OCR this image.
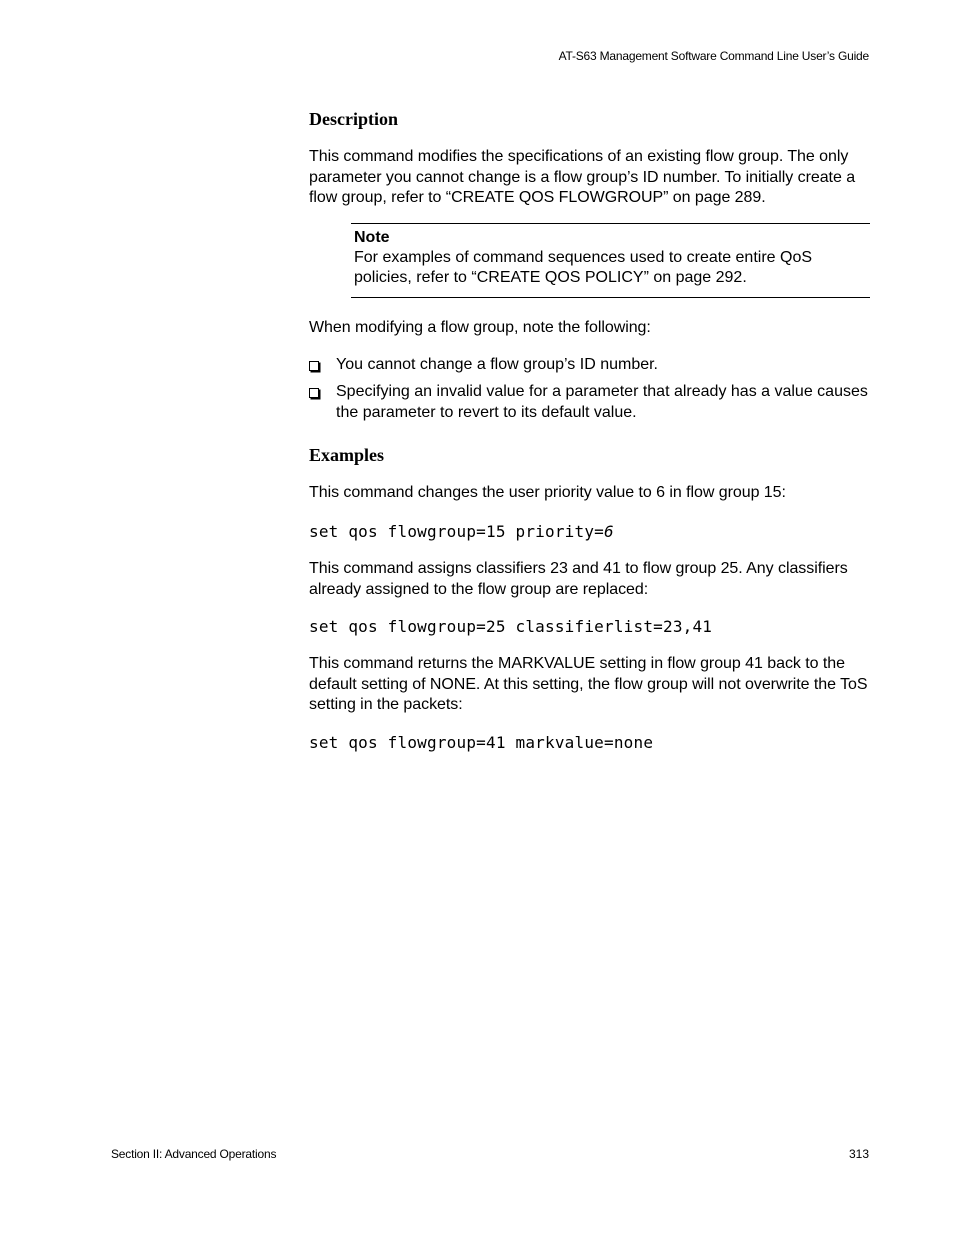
AT-S63 Management Software Command Line User’s Guide
Description

This command modifies the specifications of an existing flow group. The only parameter you cannot change is a flow group’s ID number. To initially create a flow group, refer to “CREATE QOS FLOWGROUP” on page 289.

Note
For examples of command sequences used to create entire QoS policies, refer to “CREATE QOS POLICY” on page 292.

When modifying a flow group, note the following:

You cannot change a flow group’s ID number.
Specifying an invalid value for a parameter that already has a value causes the parameter to revert to its default value.
Examples

This command changes the user priority value to 6 in flow group 15:

set qos flowgroup=15 priority=6

This command assigns classifiers 23 and 41 to flow group 25. Any classifiers already assigned to the flow group are replaced:

set qos flowgroup=25 classifierlist=23,41

This command returns the MARKVALUE setting in flow group 41 back to the default setting of NONE. At this setting, the flow group will not overwrite the ToS setting in the packets:

set qos flowgroup=41 markvalue=none

Section II: Advanced Operations	313
